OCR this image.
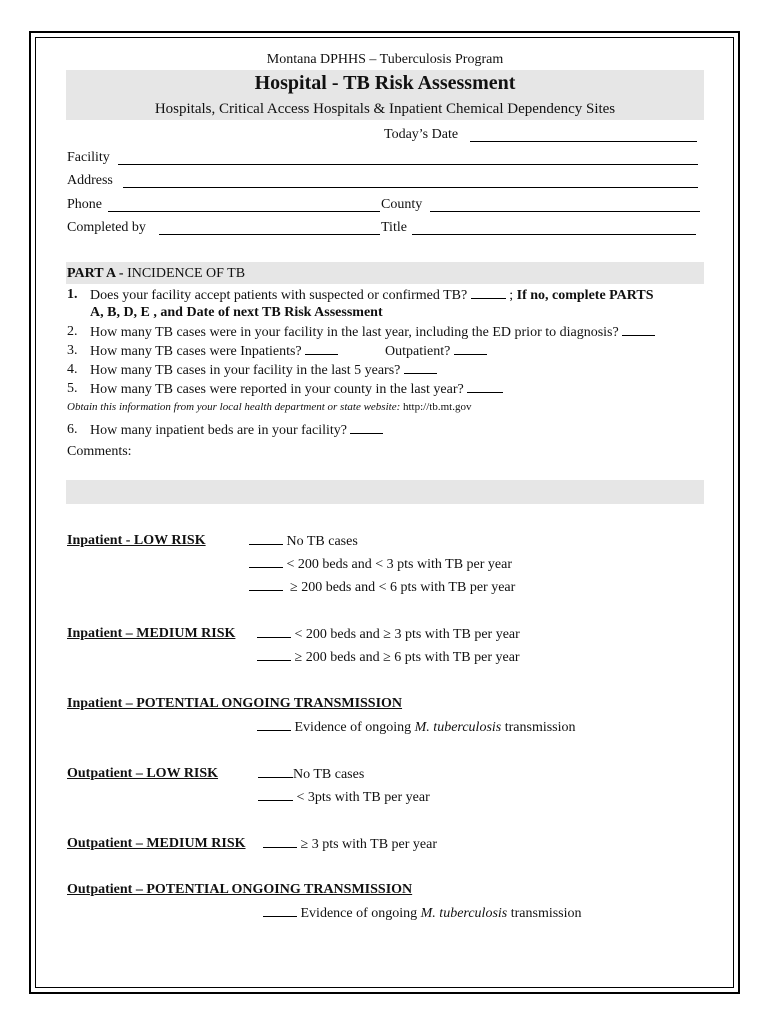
Montana DPHHS – Tuberculosis Program
Hospital - TB Risk Assessment
Hospitals, Critical Access Hospitals & Inpatient Chemical Dependency Sites
Today’s Date
Facility
Address
Phone	County
Completed by	Title
PART A - INCIDENCE OF TB
1. Does your facility accept patients with suspected or confirmed TB?	; If no, complete PARTS
A, B, D, E , and Date of next TB Risk Assessment
2. How many TB cases were in your facility in the last year, including the ED prior to diagnosis?
3. How many TB cases were Inpatients?	Outpatient?
4. How many TB cases in your facility in the last 5 years?
5. How many TB cases were reported in your county in the last year?
Obtain this information from your local health department or state website: http://tb.mt.gov
6. How many inpatient beds are in your facility?
Comments:
Inpatient - LOW RISK	No TB cases
< 200 beds and < 3 pts with TB per year
≥ 200 beds and < 6 pts with TB per year
Inpatient – MEDIUM RISK	< 200 beds and ≥ 3 pts with TB per year
≥ 200 beds and ≥ 6 pts with TB per year
Inpatient – POTENTIAL ONGOING TRANSMISSION
Evidence of ongoing M. tuberculosis transmission
Outpatient – LOW RISK	No TB cases
< 3pts with TB per year
Outpatient – MEDIUM RISK	≥ 3 pts with TB per year
Outpatient – POTENTIAL ONGOING TRANSMISSION
Evidence of ongoing M. tuberculosis transmission
